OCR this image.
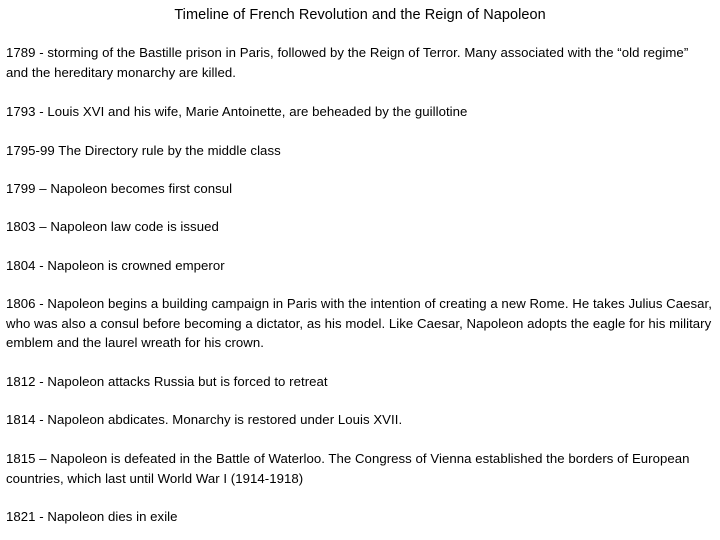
Timeline of French Revolution and the Reign of Napoleon
1789 - storming of the Bastille prison in Paris, followed by the Reign of Terror. Many associated with the “old regime” and the hereditary monarchy are killed.
1793 - Louis XVI and his wife, Marie Antoinette, are beheaded by the guillotine
1795-99 The Directory rule by the middle class
1799 – Napoleon becomes first consul
1803 – Napoleon law code is issued
1804 - Napoleon is crowned emperor
1806 - Napoleon begins a building campaign in Paris with the intention of creating a new Rome. He takes Julius Caesar, who was also a consul before becoming a dictator, as his model. Like Caesar, Napoleon adopts the eagle for his military emblem and the laurel wreath for his crown.
1812 - Napoleon attacks Russia but is forced to retreat
1814 - Napoleon abdicates. Monarchy is restored under Louis XVII.
1815 – Napoleon is defeated in the Battle of Waterloo. The Congress of Vienna established the borders of European countries, which last until World War I (1914-1918)
1821 - Napoleon dies in exile
